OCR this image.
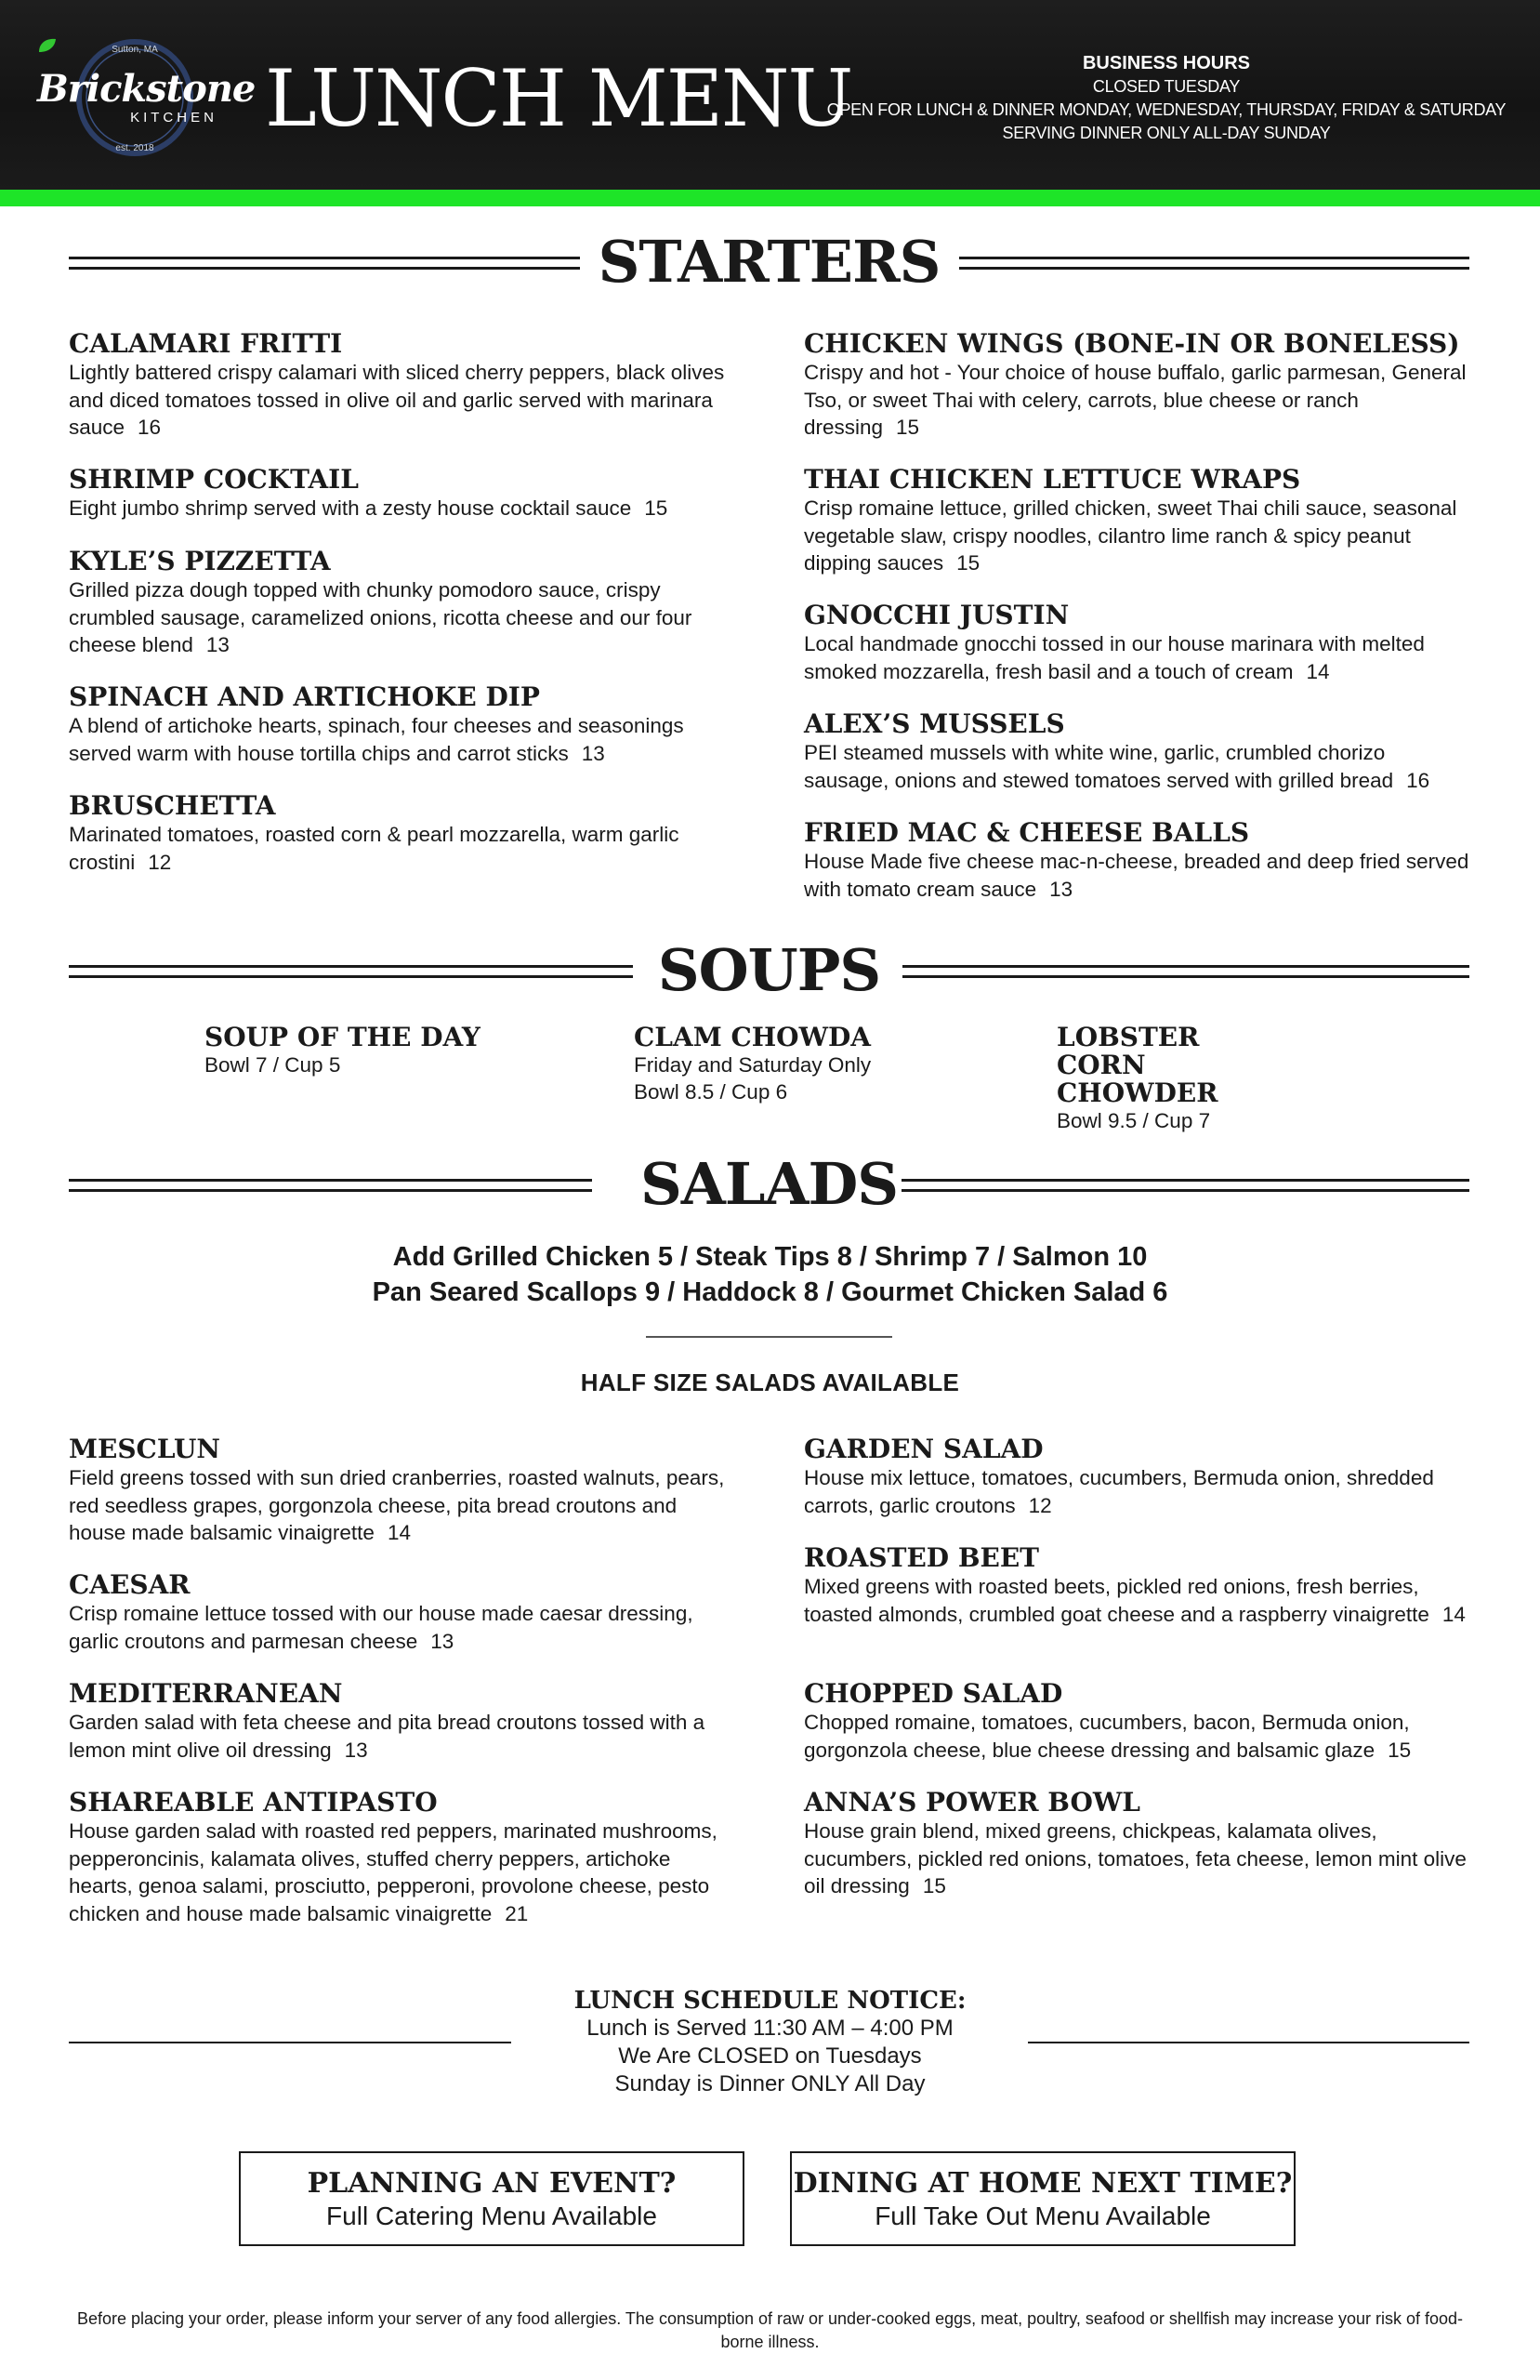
Sutton, MA
Brickstone
KITCHEN
est. 2018
LUNCH MENU	BUSINESS HOURS
CLOSED TUESDAY
OPEN FOR LUNCH & DINNER MONDAY, WEDNESDAY, THURSDAY, FRIDAY & SATURDAY
SERVING DINNER ONLY ALL-DAY SUNDAY
STARTERS
CALAMARI FRITTI
Lightly battered crispy calamari with sliced cherry peppers, black olives and diced tomatoes tossed in olive oil and garlic served with marinara sauce 16
SHRIMP COCKTAIL
Eight jumbo shrimp served with a zesty house cocktail sauce 15
KYLE’S PIZZETTA
Grilled pizza dough topped with chunky pomodoro sauce, crispy crumbled sausage, caramelized onions, ricotta cheese and our four cheese blend 13
SPINACH AND ARTICHOKE DIP
A blend of artichoke hearts, spinach, four cheeses and seasonings served warm with house tortilla chips and carrot sticks 13
BRUSCHETTA
Marinated tomatoes, roasted corn & pearl mozzarella, warm garlic crostini 12
CHICKEN WINGS (BONE-IN OR BONELESS)
Crispy and hot - Your choice of house buffalo, garlic parmesan, General Tso, or sweet Thai with celery, carrots, blue cheese or ranch dressing 15
THAI CHICKEN LETTUCE WRAPS
Crisp romaine lettuce, grilled chicken, sweet Thai chili sauce, seasonal vegetable slaw, crispy noodles, cilantro lime ranch & spicy peanut dipping sauces 15
GNOCCHI JUSTIN
Local handmade gnocchi tossed in our house marinara with melted smoked mozzarella, fresh basil and a touch of cream 14
ALEX’S MUSSELS
PEI steamed mussels with white wine, garlic, crumbled chorizo sausage, onions and stewed tomatoes served with grilled bread 16
FRIED MAC & CHEESE BALLS
House Made five cheese mac-n-cheese, breaded and deep fried served with tomato cream sauce 13
SOUPS
SOUP OF THE DAY
Bowl 7 / Cup 5
CLAM CHOWDA
Friday and Saturday Only
Bowl 8.5 / Cup 6
LOBSTER CORN CHOWDER
Bowl 9.5 / Cup 7
SALADS
Add Grilled Chicken 5 / Steak Tips 8 / Shrimp 7 / Salmon 10
Pan Seared Scallops 9 / Haddock 8 / Gourmet Chicken Salad 6
HALF SIZE SALADS AVAILABLE
MESCLUN
Field greens tossed with sun dried cranberries, roasted walnuts, pears, red seedless grapes, gorgonzola cheese, pita bread croutons and house made balsamic vinaigrette 14
CAESAR
Crisp romaine lettuce tossed with our house made caesar dressing, garlic croutons and parmesan cheese 13
MEDITERRANEAN
Garden salad with feta cheese and pita bread croutons tossed with a lemon mint olive oil dressing 13
SHAREABLE ANTIPASTO
House garden salad with roasted red peppers, marinated mushrooms, pepperoncinis, kalamata olives, stuffed cherry peppers, artichoke hearts, genoa salami, prosciutto, pepperoni, provolone cheese, pesto chicken and house made balsamic vinaigrette 21
GARDEN SALAD
House mix lettuce, tomatoes, cucumbers, Bermuda onion, shredded carrots, garlic croutons 12
ROASTED BEET
Mixed greens with roasted beets, pickled red onions, fresh berries, toasted almonds, crumbled goat cheese and a raspberry vinaigrette 14
CHOPPED SALAD
Chopped romaine, tomatoes, cucumbers, bacon, Bermuda onion, gorgonzola cheese, blue cheese dressing and balsamic glaze 15
ANNA’S POWER BOWL
House grain blend, mixed greens, chickpeas, kalamata olives, cucumbers, pickled red onions, tomatoes, feta cheese, lemon mint olive oil dressing 15
LUNCH SCHEDULE NOTICE:
Lunch is Served 11:30 AM – 4:00 PM
We Are CLOSED on Tuesdays
Sunday is Dinner ONLY All Day
PLANNING AN EVENT?
Full Catering Menu Available
DINING AT HOME NEXT TIME?
Full Take Out Menu Available
Before placing your order, please inform your server of any food allergies. The consumption of raw or under-cooked eggs, meat, poultry, seafood or shellfish may increase your risk of food-borne illness.
